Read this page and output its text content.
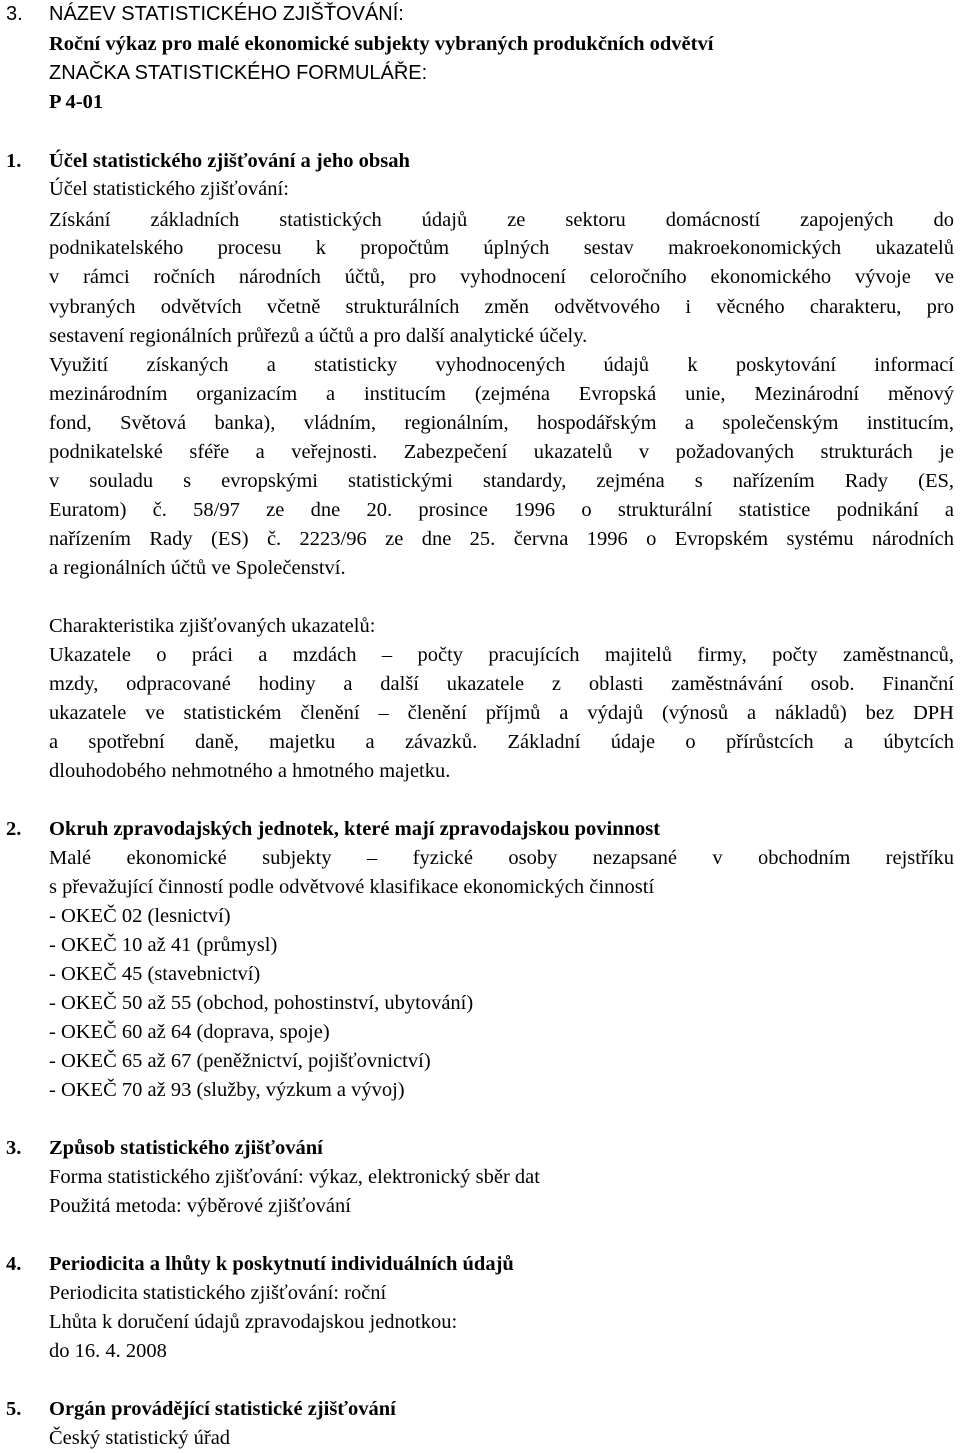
3. NÁZEV STATISTICKÉHO ZJIŠŤOVÁNÍ:
Roční výkaz pro malé ekonomické subjekty vybraných produkčních odvětví
ZNAČKA STATISTICKÉHO FORMULÁŘE:
P 4-01
1. Účel statistického zjišťování a jeho obsah
Účel statistického zjišťování:
Získání základních statistických údajů ze sektoru domácností zapojených do
podnikatelského procesu k propočtům úplných sestav makroekonomických ukazatelů
v rámci ročních národních účtů, pro vyhodnocení celoročního ekonomického vývoje ve
vybraných odvětvích včetně strukturálních změn odvětvového i věcného charakteru, pro
sestavení regionálních průřezů a účtů a pro další analytické účely.
Využití získaných a statisticky vyhodnocených údajů k poskytování informací
mezinárodním organizacím a institucím (zejména Evropská unie, Mezinárodní měnový
fond, Světová banka), vládním, regionálním, hospodářským a společenským institucím,
podnikatelské sféře a veřejnosti. Zabezpečení ukazatelů v požadovaných strukturách je
v souladu s evropskými statistickými standardy, zejména s nařízením Rady (ES,
Euratom) č. 58/97 ze dne 20. prosince 1996 o strukturální statistice podnikání a
nařízením Rady (ES) č. 2223/96 ze dne 25. června 1996 o Evropském systému národních
a regionálních účtů ve Společenství.
Charakteristika zjišťovaných ukazatelů:
Ukazatele o práci a mzdách – počty pracujících majitelů firmy, počty zaměstnanců,
mzdy, odpracované hodiny a další ukazatele z oblasti zaměstnávání osob. Finanční
ukazatele ve statistickém členění – členění příjmů a výdajů (výnosů a nákladů) bez DPH
a spotřební daně, majetku a závazků. Základní údaje o přírůstcích a úbytcích
dlouhodobého nehmotného a hmotného majetku.
2. Okruh zpravodajských jednotek, které mají zpravodajskou povinnost
Malé ekonomické subjekty – fyzické osoby nezapsané v obchodním rejstříku
s převažující činností podle odvětvové klasifikace ekonomických činností
- OKEČ 02 (lesnictví)
- OKEČ 10 až 41 (průmysl)
- OKEČ 45 (stavebnictví)
- OKEČ 50 až 55 (obchod, pohostinství, ubytování)
- OKEČ 60 až 64 (doprava, spoje)
- OKEČ 65 až 67 (peněžnictví, pojišťovnictví)
- OKEČ 70 až 93 (služby, výzkum a vývoj)
3. Způsob statistického zjišťování
Forma statistického zjišťování: výkaz, elektronický sběr dat
Použitá metoda: výběrové zjišťování
4. Periodicita a lhůty k poskytnutí individuálních údajů
Periodicita statistického zjišťování: roční
Lhůta k doručení údajů zpravodajskou jednotkou:
do 16. 4. 2008
5. Orgán provádějící statistické zjišťování
Český statistický úřad
